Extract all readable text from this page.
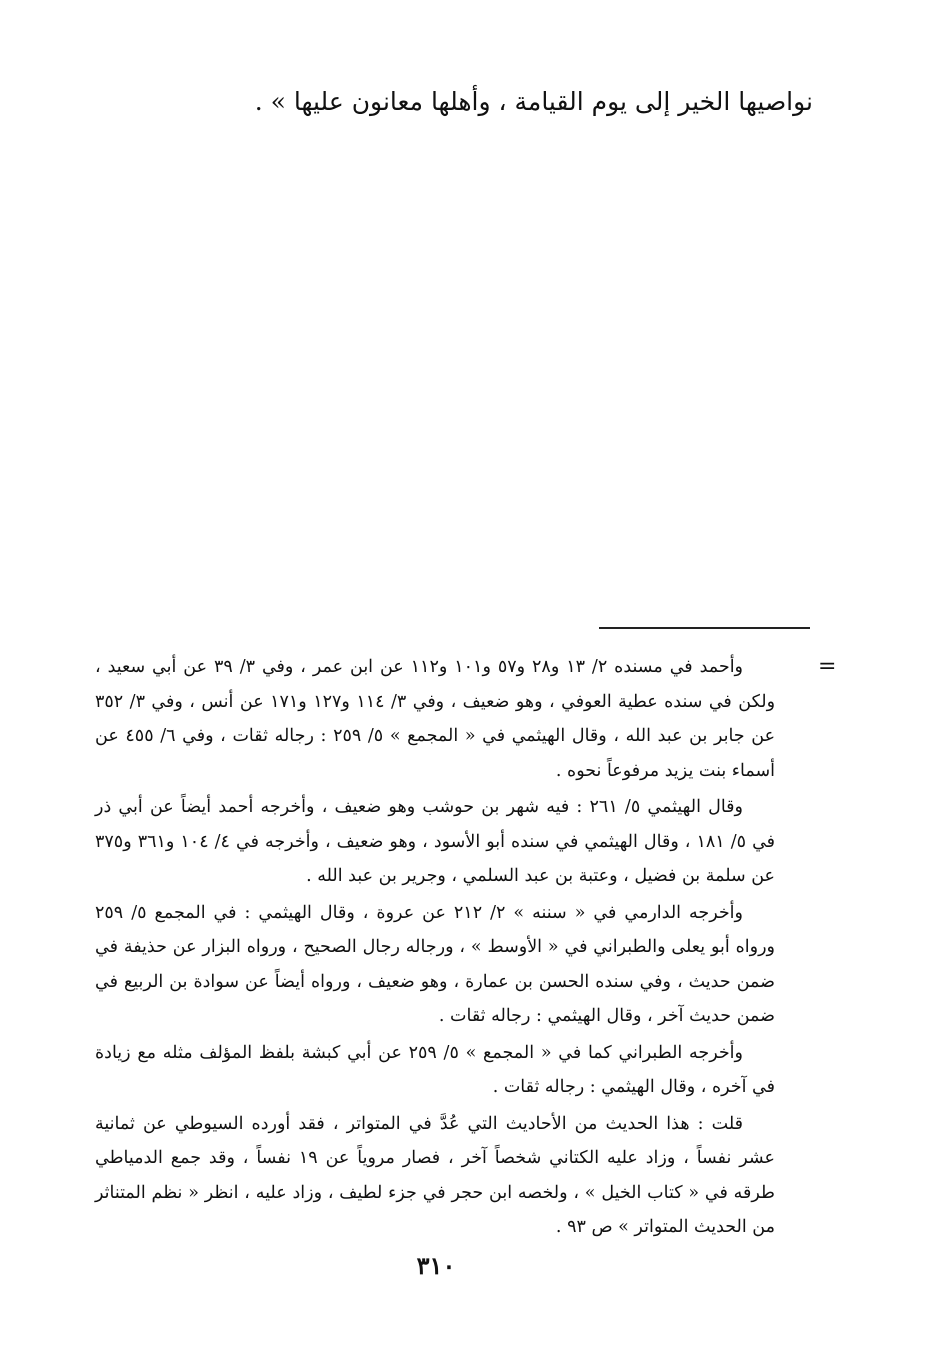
نواصيها الخير إلى يوم القيامة ، وأهلها معانون عليها » .

=

وأحمد في مسنده ٢/ ١٣ و٢٨ و٥٧ و١٠١ و١١٢ عن ابن عمر ، وفي ٣/ ٣٩ عن أبي سعيد ، ولكن في سنده عطية العوفي ، وهو ضعيف ، وفي ٣/ ١١٤ و١٢٧ و١٧١ عن أنس ، وفي ٣/ ٣٥٢ عن جابر بن عبد الله ، وقال الهيثمي في « المجمع » ٥/ ٢٥٩ : رجاله ثقات ، وفي ٦/ ٤٥٥ عن أسماء بنت يزيد مرفوعاً نحوه .

وقال الهيثمي ٥/ ٢٦١ : فيه شهر بن حوشب وهو ضعيف ، وأخرجه أحمد أيضاً عن أبي ذر في ٥/ ١٨١ ، وقال الهيثمي في سنده أبو الأسود ، وهو ضعيف ، وأخرجه في ٤/ ١٠٤ و٣٦١ و٣٧٥ عن سلمة بن فضيل ، وعتبة بن عبد السلمي ، وجرير بن عبد الله .

وأخرجه الدارمي في « سننه » ٢/ ٢١٢ عن عروة ، وقال الهيثمي : في المجمع ٥/ ٢٥٩ ورواه أبو يعلى والطبراني في « الأوسط » ، ورجاله رجال الصحيح ، ورواه البزار عن حذيفة في ضمن حديث ، وفي سنده الحسن بن عمارة ، وهو ضعيف ، ورواه أيضاً عن سوادة بن الربيع في ضمن حديث آخر ، وقال الهيثمي : رجاله ثقات .

وأخرجه الطبراني كما في « المجمع » ٥/ ٢٥٩ عن أبي كبشة بلفظ المؤلف مثله مع زيادة في آخره ، وقال الهيثمي : رجاله ثقات .

قلت : هذا الحديث من الأحاديث التي عُدَّ في المتواتر ، فقد أورده السيوطي عن ثمانية عشر نفساً ، وزاد عليه الكتاني شخصاً آخر ، فصار مروياً عن ١٩ نفساً ، وقد جمع الدمياطي طرقه في « كتاب الخيل » ، ولخصه ابن حجر في جزء لطيف ، وزاد عليه ، انظر « نظم المتناثر من الحديث المتواتر » ص ٩٣ .

٣١٠
